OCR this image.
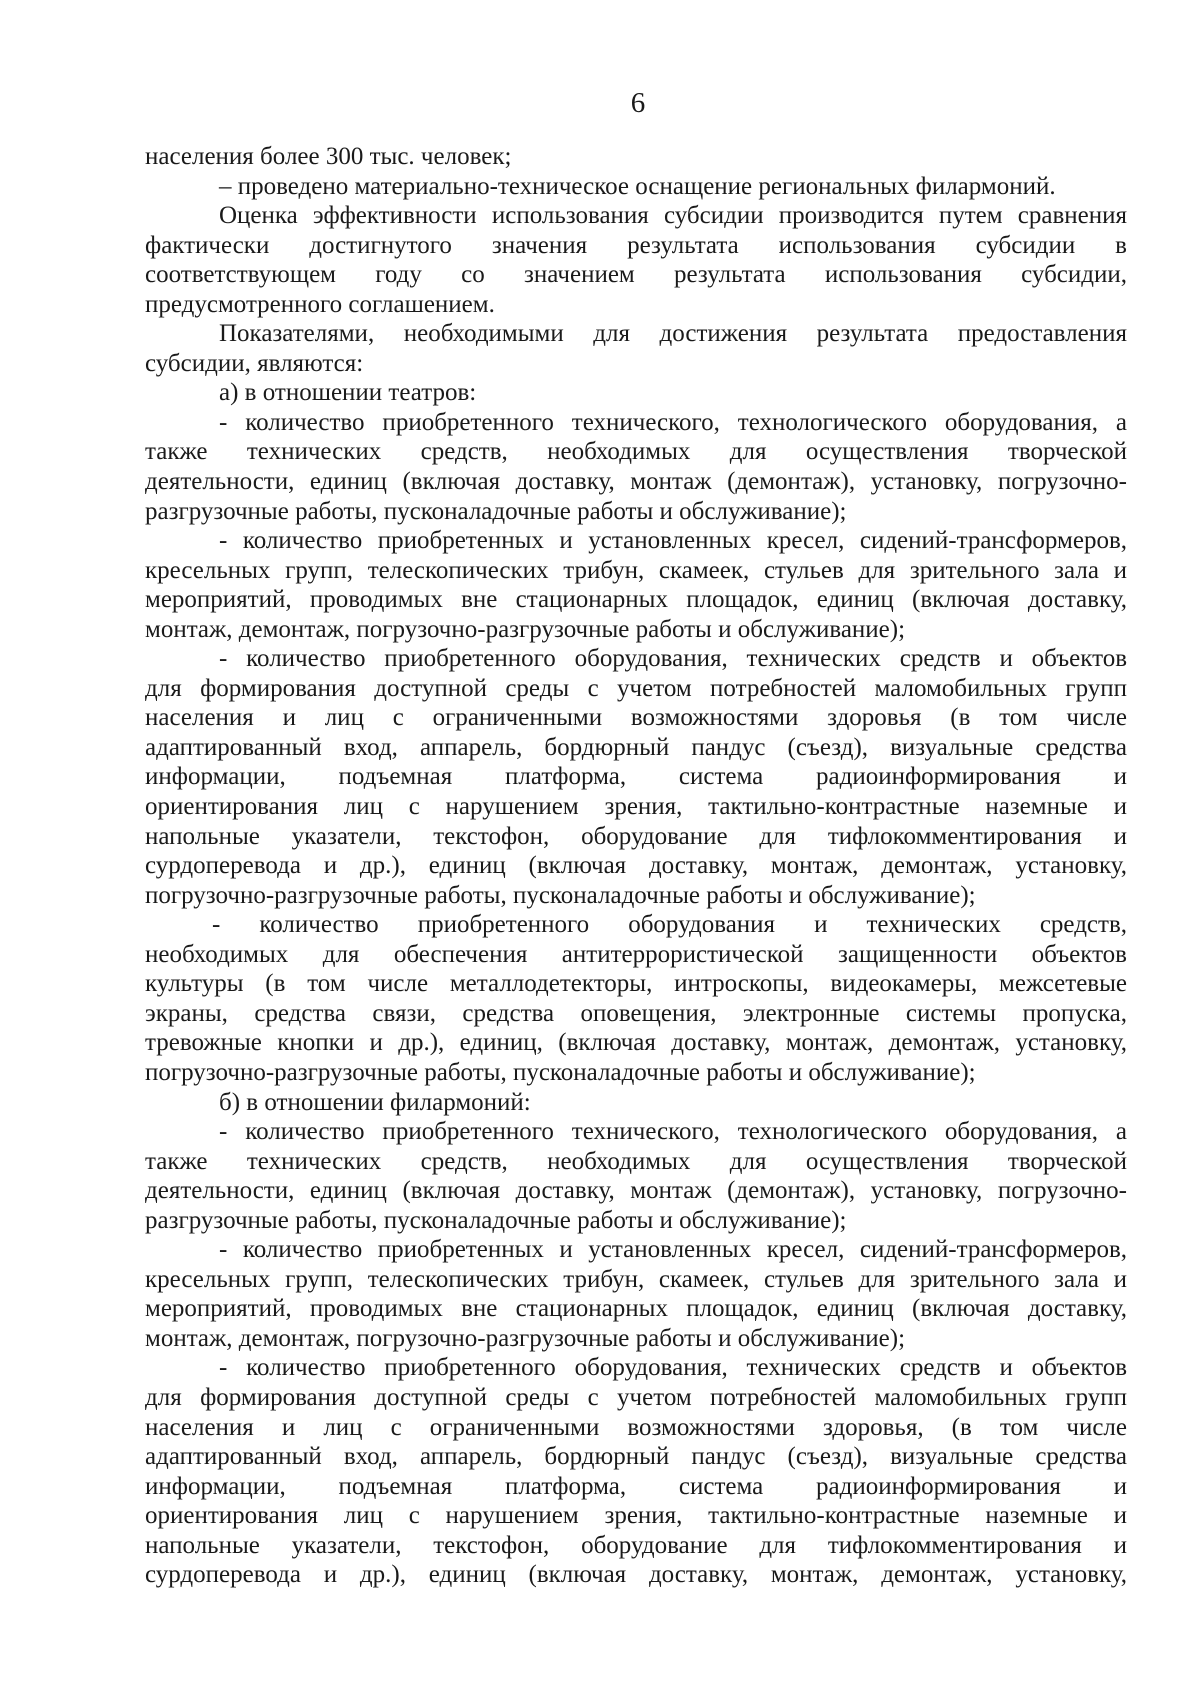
6
населения более 300 тыс. человек;
– проведено материально-техническое оснащение региональных филармоний.
Оценка эффективности использования субсидии производится путем сравнения
фактически достигнутого значения результата использования субсидии в
соответствующем году со значением результата использования субсидии,
предусмотренного соглашением.
Показателями, необходимыми для достижения результата предоставления
субсидии, являются:
а) в отношении театров:
- количество приобретенного технического, технологического оборудования, а
также технических средств, необходимых для осуществления творческой
деятельности, единиц (включая доставку, монтаж (демонтаж), установку, погрузочно-
разгрузочные работы, пусконаладочные работы и обслуживание);
- количество приобретенных и установленных кресел, сидений-трансформеров,
кресельных групп, телескопических трибун, скамеек, стульев для зрительного зала и
мероприятий, проводимых вне стационарных площадок, единиц (включая доставку,
монтаж, демонтаж, погрузочно-разгрузочные работы и обслуживание);
- количество приобретенного оборудования, технических средств и объектов
для формирования доступной среды с учетом потребностей маломобильных групп
населения и лиц с ограниченными возможностями здоровья (в том числе
адаптированный вход, аппарель, бордюрный пандус (съезд), визуальные средства
информации, подъемная платформа, система радиоинформирования и
ориентирования лиц с нарушением зрения, тактильно-контрастные наземные и
напольные указатели, текстофон, оборудование для тифлокомментирования и
сурдоперевода и др.), единиц (включая доставку, монтаж, демонтаж, установку,
погрузочно-разгрузочные работы, пусконаладочные работы и обслуживание);
- количество приобретенного оборудования и технических средств,
необходимых для обеспечения антитеррористической защищенности объектов
культуры (в том числе металлодетекторы, интроскопы, видеокамеры, межсетевые
экраны, средства связи, средства оповещения, электронные системы пропуска,
тревожные кнопки и др.), единиц, (включая доставку, монтаж, демонтаж, установку,
погрузочно-разгрузочные работы, пусконаладочные работы и обслуживание);
б) в отношении филармоний:
- количество приобретенного технического, технологического оборудования, а
также технических средств, необходимых для осуществления творческой
деятельности, единиц (включая доставку, монтаж (демонтаж), установку, погрузочно-
разгрузочные работы, пусконаладочные работы и обслуживание);
- количество приобретенных и установленных кресел, сидений-трансформеров,
кресельных групп, телескопических трибун, скамеек, стульев для зрительного зала и
мероприятий, проводимых вне стационарных площадок, единиц (включая доставку,
монтаж, демонтаж, погрузочно-разгрузочные работы и обслуживание);
- количество приобретенного оборудования, технических средств и объектов
для формирования доступной среды с учетом потребностей маломобильных групп
населения и лиц с ограниченными возможностями здоровья, (в том числе
адаптированный вход, аппарель, бордюрный пандус (съезд), визуальные средства
информации, подъемная платформа, система радиоинформирования и
ориентирования лиц с нарушением зрения, тактильно-контрастные наземные и
напольные указатели, текстофон, оборудование для тифлокомментирования и
сурдоперевода и др.), единиц (включая доставку, монтаж, демонтаж, установку,
